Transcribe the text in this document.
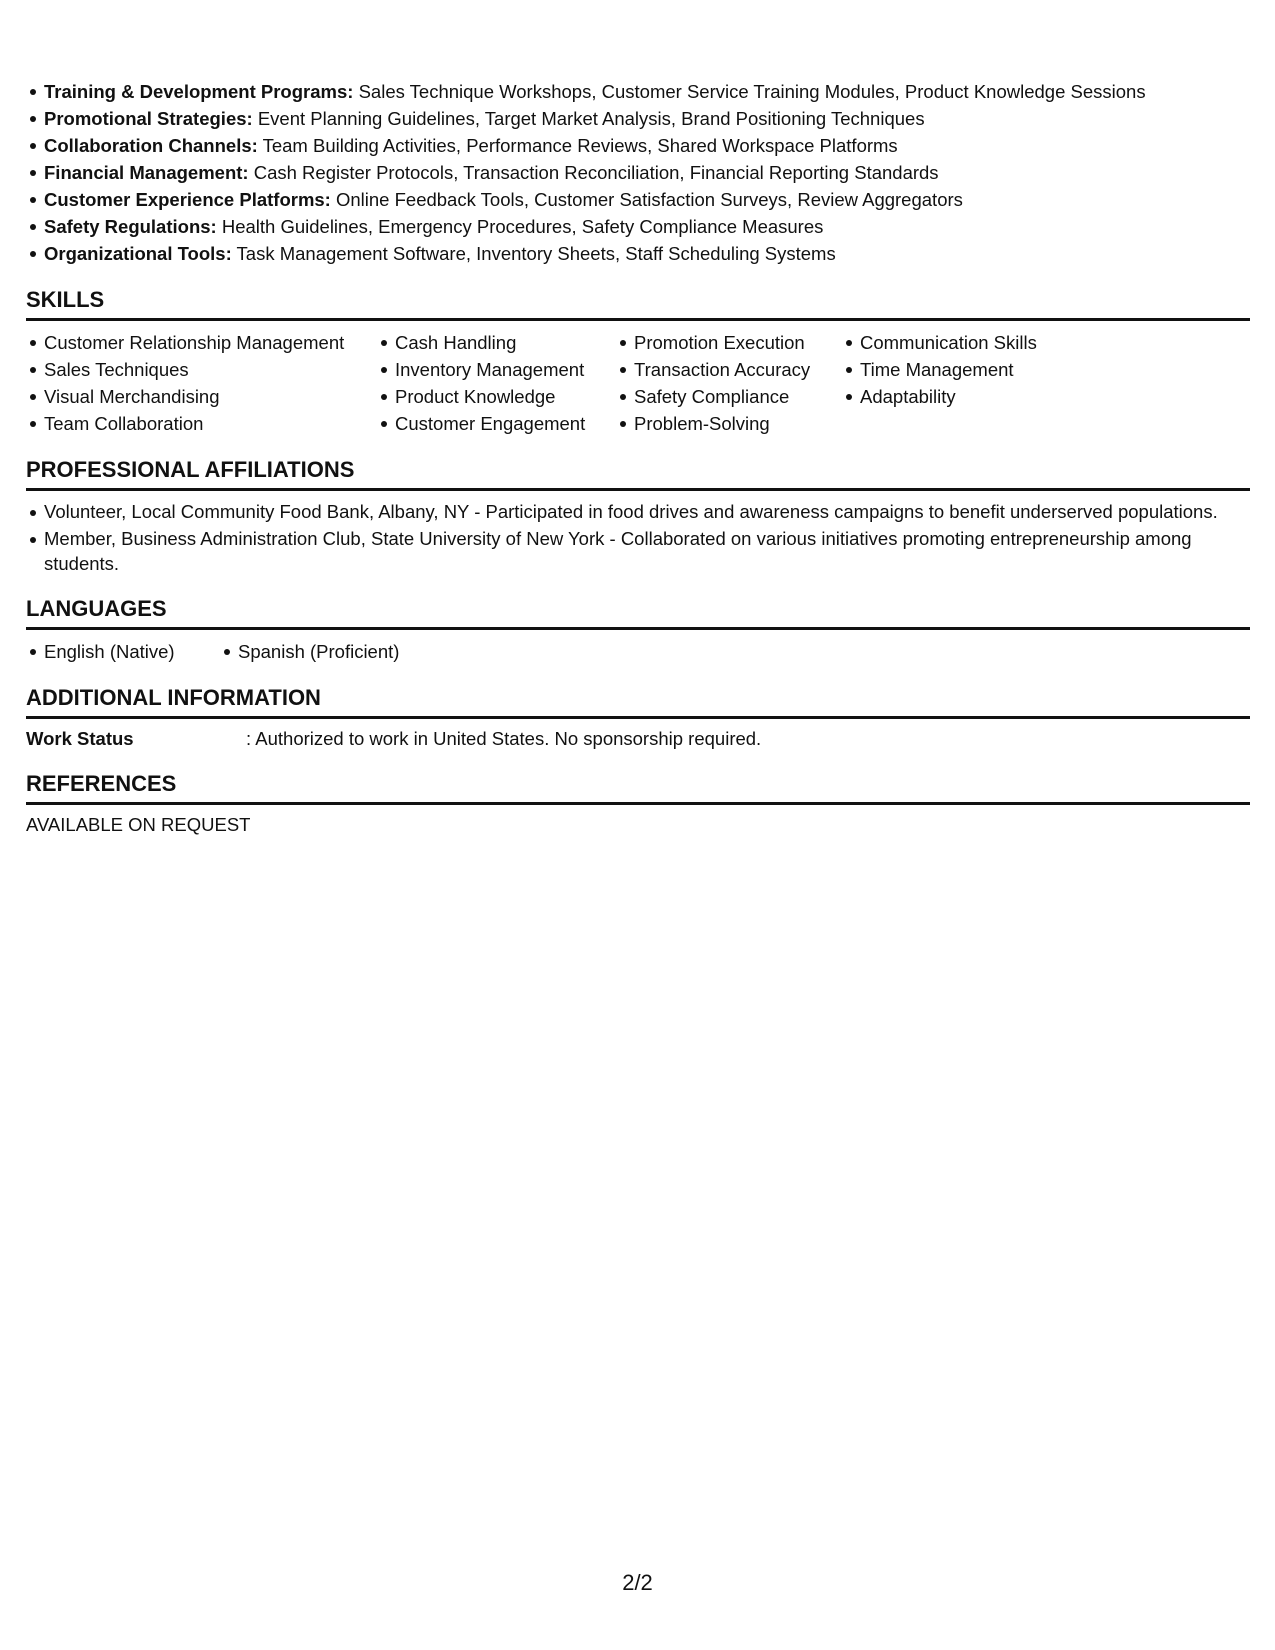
Training & Development Programs: Sales Technique Workshops, Customer Service Training Modules, Product Knowledge Sessions
Promotional Strategies: Event Planning Guidelines, Target Market Analysis, Brand Positioning Techniques
Collaboration Channels: Team Building Activities, Performance Reviews, Shared Workspace Platforms
Financial Management: Cash Register Protocols, Transaction Reconciliation, Financial Reporting Standards
Customer Experience Platforms: Online Feedback Tools, Customer Satisfaction Surveys, Review Aggregators
Safety Regulations: Health Guidelines, Emergency Procedures, Safety Compliance Measures
Organizational Tools: Task Management Software, Inventory Sheets, Staff Scheduling Systems
SKILLS
Customer Relationship Management
Sales Techniques
Visual Merchandising
Team Collaboration
Cash Handling
Inventory Management
Product Knowledge
Customer Engagement
Promotion Execution
Transaction Accuracy
Safety Compliance
Problem-Solving
Communication Skills
Time Management
Adaptability
PROFESSIONAL AFFILIATIONS
Volunteer, Local Community Food Bank, Albany, NY - Participated in food drives and awareness campaigns to benefit underserved populations.
Member, Business Administration Club, State University of New York - Collaborated on various initiatives promoting entrepreneurship among students.
LANGUAGES
English (Native)	Spanish (Proficient)
ADDITIONAL INFORMATION
Work Status	: Authorized to work in United States. No sponsorship required.
REFERENCES
AVAILABLE ON REQUEST
2/2
